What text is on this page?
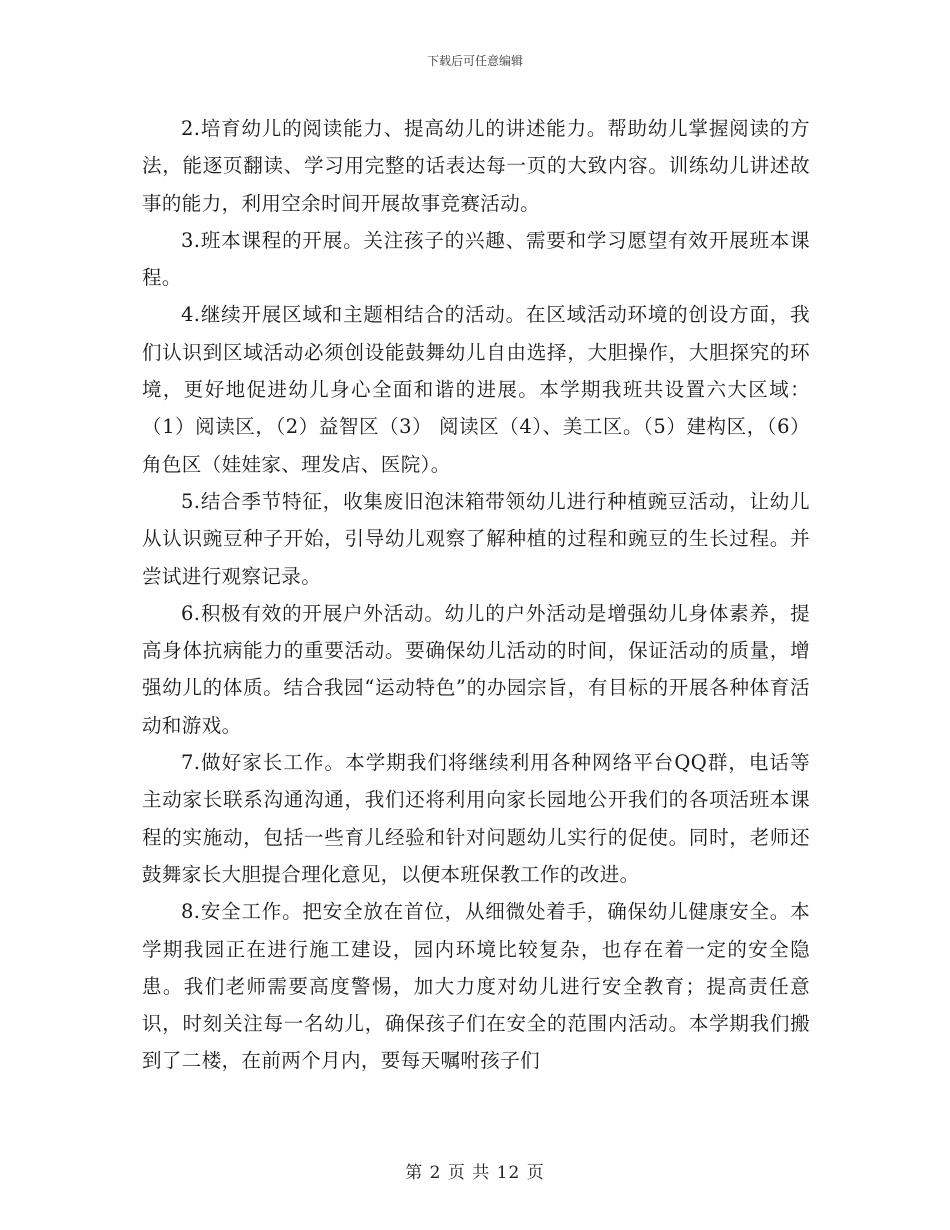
下载后可任意编辑

2.培育幼儿的阅读能力、提高幼儿的讲述能力。帮助幼儿掌握阅读的方法，能逐页翻读、学习用完整的话表达每一页的大致内容。训练幼儿讲述故事的能力，利用空余时间开展故事竞赛活动。

3.班本课程的开展。关注孩子的兴趣、需要和学习愿望有效开展班本课程。

4.继续开展区域和主题相结合的活动。在区域活动环境的创设方面，我们认识到区域活动必须创设能鼓舞幼儿自由选择，大胆操作，大胆探究的环境，更好地促进幼儿身心全面和谐的进展。本学期我班共设置六大区域：（1）阅读区，（2）益智区（3） 阅读区（4）、美工区。（5）建构区，（6）角色区（娃娃家、理发店、医院）。

5.结合季节特征，收集废旧泡沫箱带领幼儿进行种植豌豆活动，让幼儿从认识豌豆种子开始，引导幼儿观察了解种植的过程和豌豆的生长过程。并尝试进行观察记录。

6.积极有效的开展户外活动。幼儿的户外活动是增强幼儿身体素养，提高身体抗病能力的重要活动。要确保幼儿活动的时间，保证活动的质量，增强幼儿的体质。结合我园“运动特色”的办园宗旨，有目标的开展各种体育活动和游戏。

7.做好家长工作。本学期我们将继续利用各种网络平台QQ群，电话等主动家长联系沟通沟通，我们还将利用向家长园地公开我们的各项活班本课程的实施动，包括一些育儿经验和针对问题幼儿实行的促使。同时，老师还鼓舞家长大胆提合理化意见，以便本班保教工作的改进。

8.安全工作。把安全放在首位，从细微处着手，确保幼儿健康安全。本学期我园正在进行施工建设，园内环境比较复杂，也存在着一定的安全隐患。我们老师需要高度警惕，加大力度对幼儿进行安全教育；提高责任意识，时刻关注每一名幼儿，确保孩子们在安全的范围内活动。本学期我们搬到了二楼，在前两个月内，要每天嘱咐孩子们

第 2 页 共 12 页
